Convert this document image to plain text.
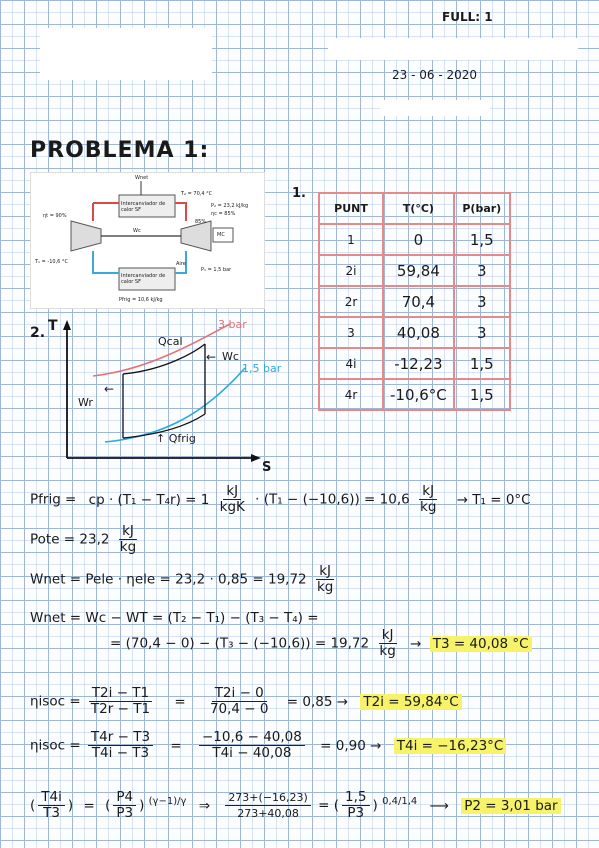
FULL: 1
23 - 06 - 2020
PROBLEMA 1:
Wnet
Intercanviador de calor SF
Wc
Intercanviador de calor SF
Aire
T₂ = 70,4 °C
P₂ = 23,2 kJ/kg
ηc = 85%
ηt = 90%
85%
T₁ = -10,6 °C
P₁ = 1,5 bar
Pfrig = 10,6 kJ/kg
MC
1.
PUNT	T(°C)	P(bar)
1	0	1,5
2i	59,84	3
2r	70,4	3
3	40,08	3
4i	-12,23	1,5
4r	-10,6°C	1,5
2. T
S
3 bar
1,5 bar
Qcal
← Wc
←
Wr
↑ Qfrig
Pfrig = cp · $(T_1 - T_4r) = 1 \frac{kJ}{\text{kgK}} \cdot (T_1 - (-10,6)) = 10,6 \frac{kJ}{kg} \to T_1 = 0^\circ C$
Pote = $23,2 \frac{kJ}{kg}$
Wnet = Pele · $\eta ele = 23,2 \cdot 0,85 = 19,72 \frac{kJ}{kg}$
Wnet = Wc − WT = (T₂ − T₁) − (T₃ − T₄) =
= $(70,4 - 0) - (T_3 - (-10,6)) = 19,72 \frac{kJ}{kg} \to T3 = 40,08$ °C
ηisoc = $\frac{T2i - T1}{T2r - T1} = \frac{T2i - 0}{70,4 - 0} = 0,85 \to T2i = 59,84^\circ C$
ηisoc = $\frac{T4r - T3}{T4i - T3} = \frac{-10,6 - 40,08}{T4i - 40,08} = 0,90 \to T4i = -16,23^\circ C$
( $\frac{T4i}{T3}$ ) = ( $\frac{P4}{P3}$ ) $^{(\gamma-1)/\gamma}$ ⇒ $\frac{273+(-16,23)}{273+40,08}$ = ( $\frac{1,5}{P3}$ ) $^{0,4/1,4}$ ⟶ P2 = 3,01 bar
